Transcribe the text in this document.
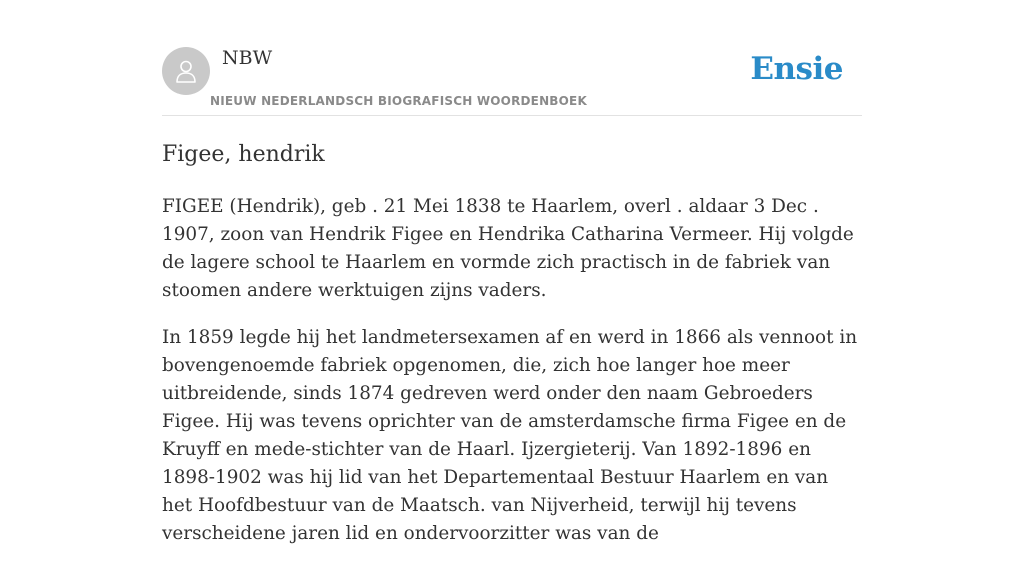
NBW
NIEUW NEDERLANDSCH BIOGRAFISCH WOORDENBOEK
Ensie
Figee, hendrik

FIGEE (Hendrik), geb . 21 Mei 1838 te Haarlem, overl . aldaar 3 Dec . 1907, zoon van Hendrik Figee en Hendrika Catharina Vermeer. Hij volgde de lagere school te Haarlem en vormde zich practisch in de fabriek van stoomen andere werktuigen zijns vaders.

In 1859 legde hij het landmetersexamen af en werd in 1866 als vennoot in bovengenoemde fabriek opgenomen, die, zich hoe langer hoe meer uitbreidende, sinds 1874 gedreven werd onder den naam Gebroeders Figee. Hij was tevens oprichter van de amsterdamsche firma Figee en de Kruyff en mede-stichter van de Haarl. Ijzergieterij. Van 1892-1896 en 1898-1902 was hij lid van het Departementaal Bestuur Haarlem en van het Hoofdbestuur van de Maatsch. van Nijverheid, terwijl hij tevens verscheidene jaren lid en ondervoorzitter was van de
